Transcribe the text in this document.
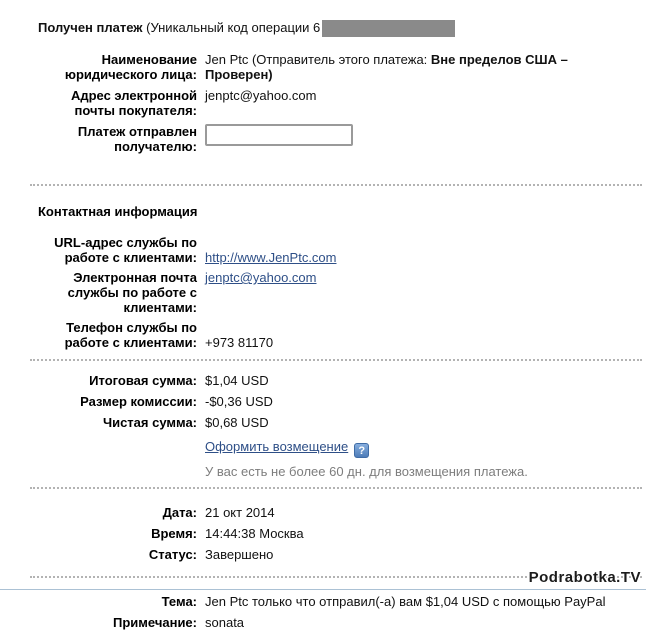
Получен платеж (Уникальный код операции 6
Наименование юридического лица:	Jen Ptc (Отправитель этого платежа: Вне пределов США – Проверен)
Адрес электронной почты покупателя:	jenptc@yahoo.com
Платеж отправлен получателю:	
Контактная информация
URL-адрес службы по работе с клиентами:	http://www.JenPtc.com
Электронная почта службы по работе с клиентами:	jenptc@yahoo.com
Телефон службы по работе с клиентами:	+973 81170
Итоговая сумма:	$1,04 USD
Размер комиссии:	-$0,36 USD
Чистая сумма:	$0,68 USD
Оформить возмещение ?
У вас есть не более 60 дн. для возмещения платежа.
Дата:	21 окт 2014
Время:	14:44:38 Москва
Статус:	Завершено
Тема:	Jen Ptc только что отправил(-а) вам $1,04 USD с помощью PayPal
Примечание:	sonata
Podrabotka.TV
